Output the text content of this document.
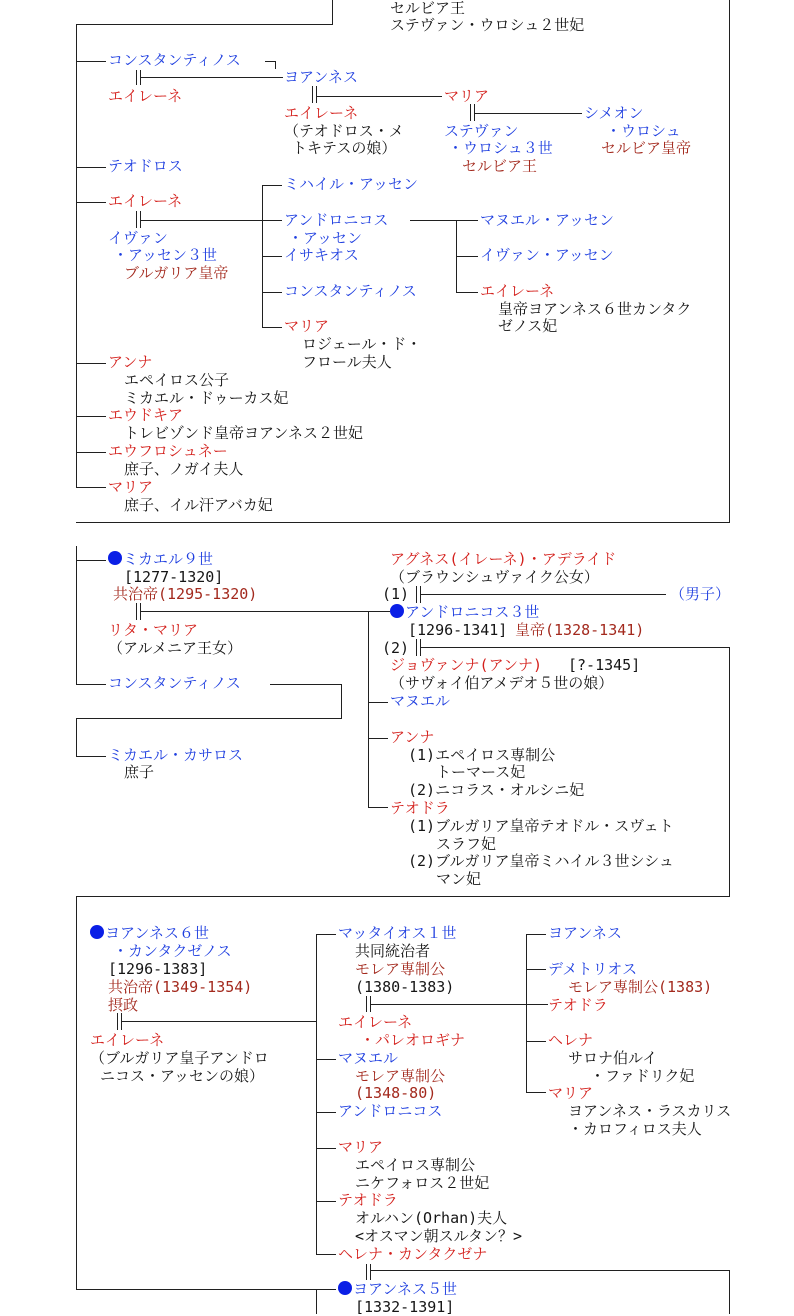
セルビア王
ステヴァン・ウロシュ２世妃
コンスタンティノス
ヨアンネス
エイレーネ	マリア
エイレーネ	シメオン
（テオドロス・メ	ステヴァン	・ウロシュ
トキテスの娘）	・ウロシュ３世	セルビア皇帝
セルビア王
テオドロス
ミハイル・アッセン
エイレーネ
アンドロニコス	マヌエル・アッセン
イヴァン	・アッセン
・アッセン３世	イサキオス	イヴァン・アッセン
ブルガリア皇帝
コンスタンティノス	エイレーネ
皇帝ヨアンネス６世カンタク
マリア	ゼノス妃
ロジェール・ド・
アンナ	フロール夫人
エペイロス公子
ミカエル・ドゥーカス妃
エウドキア
トレビゾンド皇帝ヨアンネス２世妃
エウフロシュネー
庶子、ノガイ夫人
マリア
庶子、イル汗アバカ妃
ミカエル９世	アグネス(イレーネ)・アデライド
[1277-1320]	（ブラウンシュヴァイク公女）
共治帝(1295-1320)	(1)	（男子）
アンドロニコス３世
リタ・マリア	[1296-1341] 皇帝(1328-1341)
（アルメニア王女）	(2)
ジョヴァンナ(アンナ) [?-1345]
（サヴォイ伯アメデオ５世の娘）
コンスタンティノス
マヌエル
アンナ
ミカエル・カサロス	(1)エペイロス専制公
庶子	トーマース妃
(2)ニコラス・オルシニ妃
テオドラ
(1)ブルガリア皇帝テオドル・スヴェト
スラフ妃
(2)ブルガリア皇帝ミハイル３世シシュ
マン妃
ヨアンネス６世	マッタイオス１世	ヨアンネス
・カンタクゼノス	共同統治者
[1296-1383]	モレア専制公	デメトリオス
共治帝(1349-1354)	(1380-1383)	モレア専制公(1383)
摂政	テオドラ
エイレーネ
エイレーネ	・パレオロギナ	ヘレナ
（ブルガリア皇子アンドロ	マヌエル	サロナ伯ルイ
ニコス・アッセンの娘）	モレア専制公	・ファドリク妃
(1348-80)	マリア
アンドロニコス	ヨアンネス・ラスカリス
・カロフィロス夫人
マリア
エペイロス専制公
ニケフォロス２世妃
テオドラ
オルハン(Orhan)夫人
<オスマン朝スルタン？>
ヘレナ・カンタクゼナ
ヨアンネス５世
[1332-1391]
